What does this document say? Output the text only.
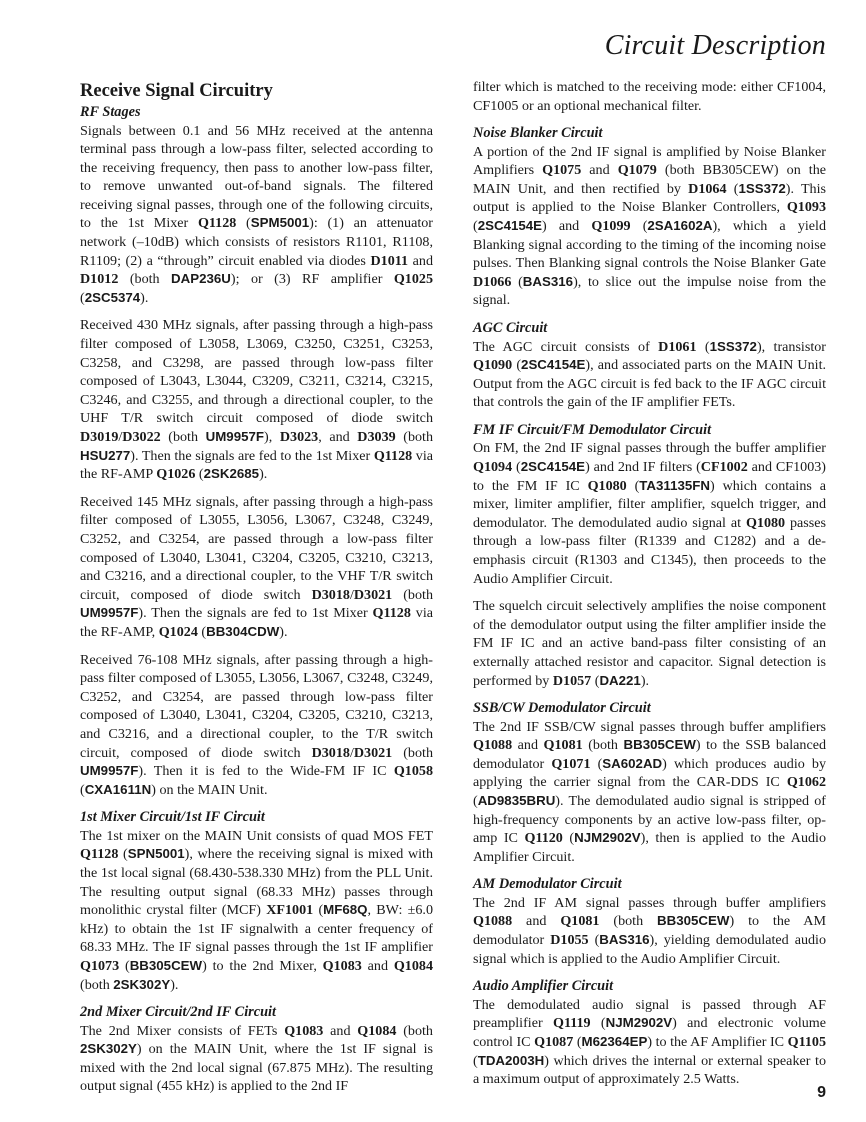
Circuit Description
Receive Signal Circuitry
RF Stages

Signals between 0.1 and 56 MHz received at the antenna terminal pass through a low-pass filter, selected according to the receiving frequency, then pass to another low-pass filter, to remove unwanted out-of-band signals. The filtered receiving signal passes, through one of the following circuits, to the 1st Mixer Q1128 (SPM5001): (1) an attenuator network (–10dB) which consists of resistors R1101, R1108, R1109; (2) a “through” circuit enabled via diodes D1011 and D1012 (both DAP236U); or (3) RF amplifier Q1025 (2SC5374).

Received 430 MHz signals, after passing through a high-pass filter composed of L3058, L3069, C3250, C3251, C3253, C3258, and C3298, are passed through low-pass filter composed of L3043, L3044, C3209, C3211, C3214, C3215, C3246, and C3255, and through a directional coupler, to the UHF T/R switch circuit composed of diode switch D3019/D3022 (both UM9957F), D3023, and D3039 (both HSU277). Then the signals are fed to the 1st Mixer Q1128 via the RF-AMP Q1026 (2SK2685).

Received 145 MHz signals, after passing through a high-pass filter composed of L3055, L3056, L3067, C3248, C3249, C3252, and C3254, are passed through a low-pass filter composed of L3040, L3041, C3204, C3205, C3210, C3213, and C3216, and a directional coupler, to the VHF T/R switch circuit, composed of diode switch D3018/D3021 (both UM9957F). Then the signals are fed to 1st Mixer Q1128 via the RF-AMP, Q1024 (BB304CDW).

Received 76-108 MHz signals, after passing through a high-pass filter composed of L3055, L3056, L3067, C3248, C3249, C3252, and C3254, are passed through low-pass filter composed of L3040, L3041, C3204, C3205, C3210, C3213, and C3216, and a directional coupler, to the T/R switch circuit, composed of diode switch D3018/D3021 (both UM9957F). Then it is fed to the Wide-FM IF IC Q1058 (CXA1611N) on the MAIN Unit.

1st Mixer Circuit/1st IF Circuit

The 1st mixer on the MAIN Unit consists of quad MOS FET Q1128 (SPN5001), where the receiving signal is mixed with the 1st local signal (68.430-538.330 MHz) from the PLL Unit. The resulting output signal (68.33 MHz) passes through monolithic crystal filter (MCF) XF1001 (MF68Q, BW: ±6.0 kHz) to obtain the 1st IF signalwith a center frequency of 68.33 MHz. The IF signal passes through the 1st IF amplifier Q1073 (BB305CEW) to the 2nd Mixer, Q1083 and Q1084 (both 2SK302Y).

2nd Mixer Circuit/2nd IF Circuit

The 2nd Mixer consists of FETs Q1083 and Q1084 (both 2SK302Y) on the MAIN Unit, where the 1st IF signal is mixed with the 2nd local signal (67.875 MHz). The resulting output signal (455 kHz) is applied to the 2nd IF

filter which is matched to the receiving mode: either CF1004, CF1005 or an optional mechanical filter.

Noise Blanker Circuit

A portion of the 2nd IF signal is amplified by Noise Blanker Amplifiers Q1075 and Q1079 (both BB305CEW) on the MAIN Unit, and then rectified by D1064 (1SS372). This output is applied to the Noise Blanker Controllers, Q1093 (2SC4154E) and Q1099 (2SA1602A), which a yield Blanking signal according to the timing of the incoming noise pulses. Then Blanking signal controls the Noise Blanker Gate D1066 (BAS316), to slice out the impulse noise from the signal.

AGC Circuit

The AGC circuit consists of D1061 (1SS372), transistor Q1090 (2SC4154E), and associated parts on the MAIN Unit. Output from the AGC circuit is fed back to the IF AGC circuit that controls the gain of the IF amplifier FETs.

FM IF Circuit/FM Demodulator Circuit

On FM, the 2nd IF signal passes through the buffer amplifier Q1094 (2SC4154E) and 2nd IF filters (CF1002 and CF1003) to the FM IF IC Q1080 (TA31135FN) which contains a mixer, limiter amplifier, filter amplifier, squelch trigger, and demodulator. The demodulated audio signal at Q1080 passes through a low-pass filter (R1339 and C1282) and a de-emphasis circuit (R1303 and C1345), then proceeds to the Audio Amplifier Circuit.

The squelch circuit selectively amplifies the noise component of the demodulator output using the filter amplifier inside the FM IF IC and an active band-pass filter consisting of an externally attached resistor and capacitor. Signal detection is performed by D1057 (DA221).

SSB/CW Demodulator Circuit

The 2nd IF SSB/CW signal passes through buffer amplifiers Q1088 and Q1081 (both BB305CEW) to the SSB balanced demodulator Q1071 (SA602AD) which produces audio by applying the carrier signal from the CAR-DDS IC Q1062 (AD9835BRU). The demodulated audio signal is stripped of high-frequency components by an active low-pass filter, op-amp IC Q1120 (NJM2902V), then is applied to the Audio Amplifier Circuit.

AM Demodulator Circuit

The 2nd IF AM signal passes through buffer amplifiers Q1088 and Q1081 (both BB305CEW) to the AM demodulator D1055 (BAS316), yielding demodulated audio signal which is applied to the Audio Amplifier Circuit.

Audio Amplifier Circuit

The demodulated audio signal is passed through AF preamplifier Q1119 (NJM2902V) and electronic volume control IC Q1087 (M62364EP) to the AF Amplifier IC Q1105 (TDA2003H) which drives the internal or external speaker to a maximum output of approximately 2.5 Watts.

9
